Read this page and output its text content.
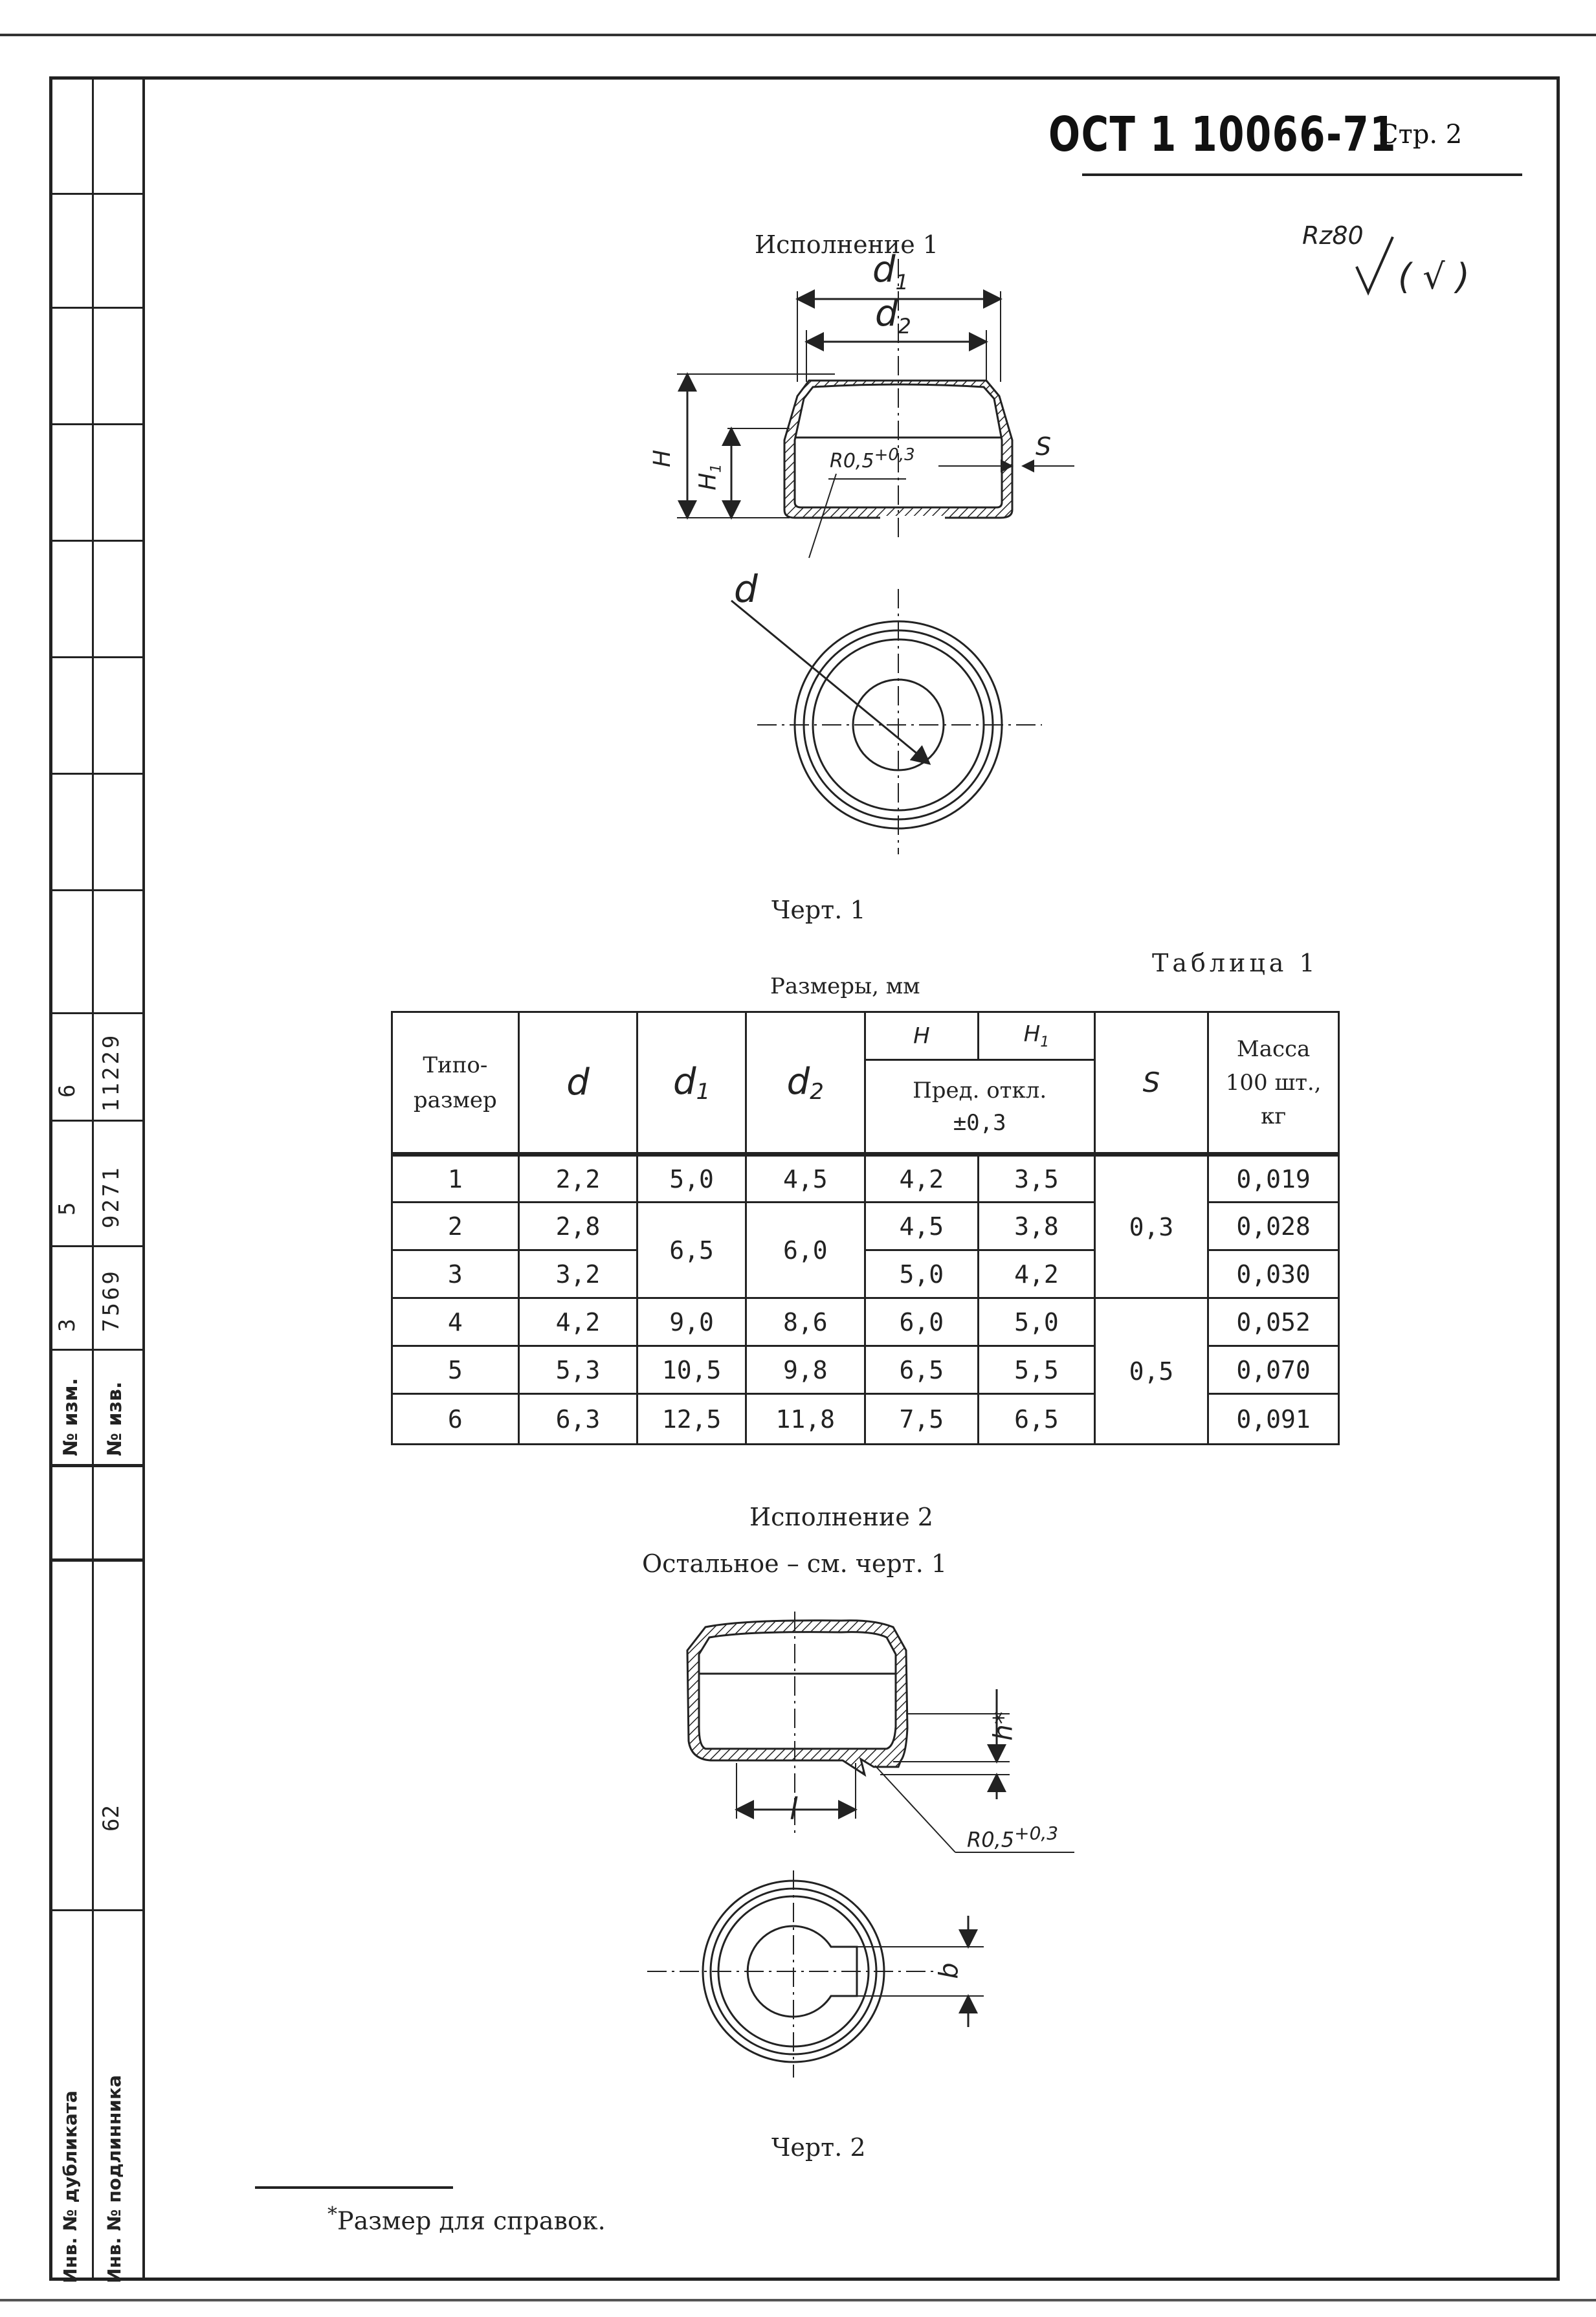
6 11229
5 9271
3 7569
№ изм. № изв.
62
Инв. № дубликата Инв. № подлинника
ОСТ 1 10066-71
Стр. 2
Rz80
( √ )
Исполнение 1
$d_1$
$d_2$
H
$H_1$
S
$R0,5^{+0,3}$
d
Черт. 1
Таблица 1
Размеры, мм
Типо-
размер	d	$d_1$	$d_2$	H	$H_1$	S	Масса
100 шт.,
кг
				Пред. откл.
±0,3			
1	2,2	5,0	4,5	4,2	3,5	0,3	0,019
2	2,8	6,5	6,0	4,5	3,8		0,028
3	3,2			5,0	4,2		0,030
4	4,2	9,0	8,6	6,0	5,0	0,5	0,052
5	5,3	10,5	9,8	6,5	5,5		0,070
6	6,3	12,5	11,8	7,5	6,5		0,091
Исполнение 2
Остальное – см. черт. 1
h*
l
$R0,5^{+0,3}$
b
Черт. 2
*Размер для справок.
